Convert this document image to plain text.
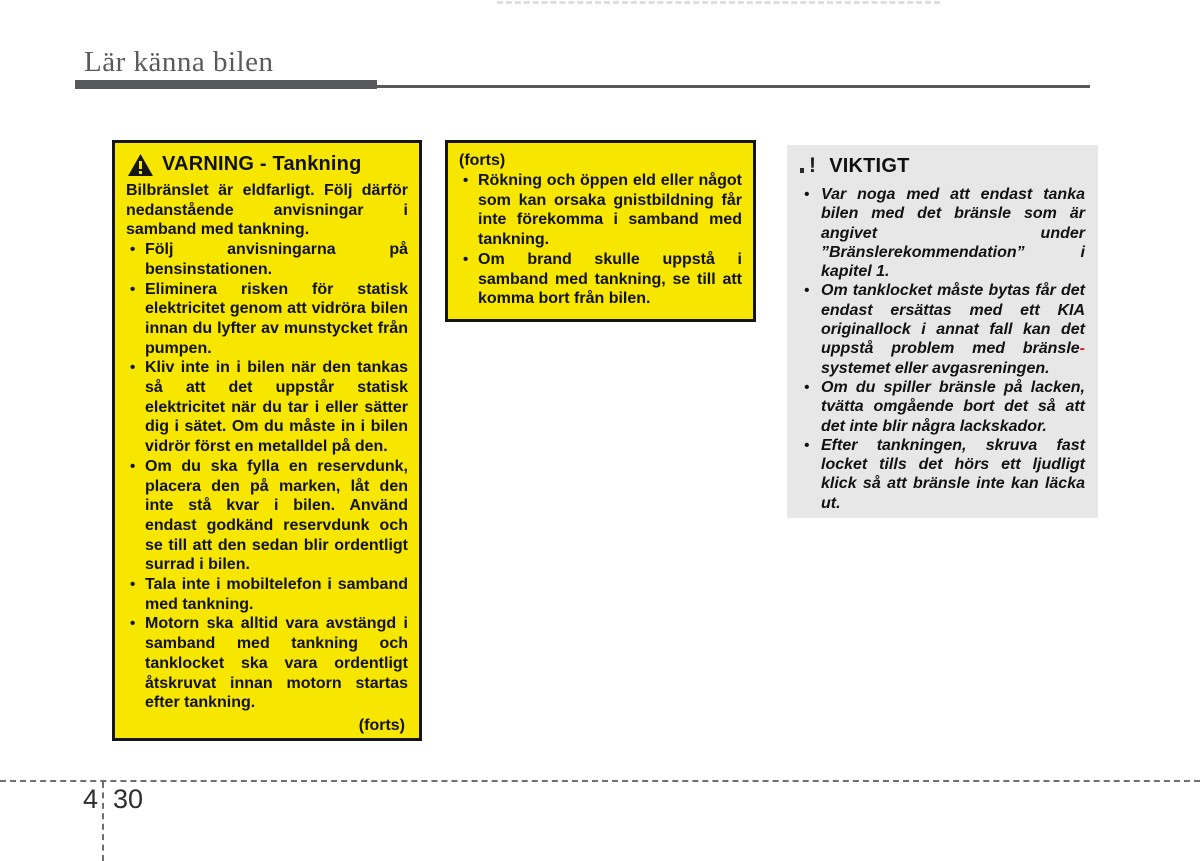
Lär känna bilen
VARNING - Tankning

Bilbränslet är eldfarligt. Följ därför nedanstående anvisningar i samband med tankning.

• Följ anvisningarna på bensinstationen.
• Eliminera risken för statisk elektricitet genom att vidröra bilen innan du lyfter av munstycket från pumpen.
• Kliv inte in i bilen när den tankas så att det uppstår statisk elektricitet när du tar i eller sätter dig i sätet. Om du måste in i bilen vidrör först en metalldel på den.
• Om du ska fylla en reservdunk, placera den på marken, låt den inte stå kvar i bilen. Använd endast godkänd reservdunk och se till att den sedan blir ordentligt surrad i bilen.
• Tala inte i mobiltelefon i samband med tankning.
• Motorn ska alltid vara avstängd i samband med tankning och tanklocket ska vara ordentligt åtskruvat innan motorn startas efter tankning.
(forts)
(forts)
• Rökning och öppen eld eller något som kan orsaka gnistbildning får inte förekomma i samband med tankning.
• Om brand skulle uppstå i samband med tankning, se till att komma bort från bilen.
! VIKTIGT
• Var noga med att endast tanka bilen med det bränsle som är angivet under ”Bränslerekommendation” i kapitel 1.
• Om tanklocket måste bytas får det endast ersättas med ett KIA originallock i annat fall kan det uppstå problem med bränsle-systemet eller avgasreningen.
• Om du spiller bränsle på lacken, tvätta omgående bort det så att det inte blir några lackskador.
• Efter tankningen, skruva fast locket tills det hörs ett ljudligt klick så att bränsle inte kan läcka ut.
4 30
